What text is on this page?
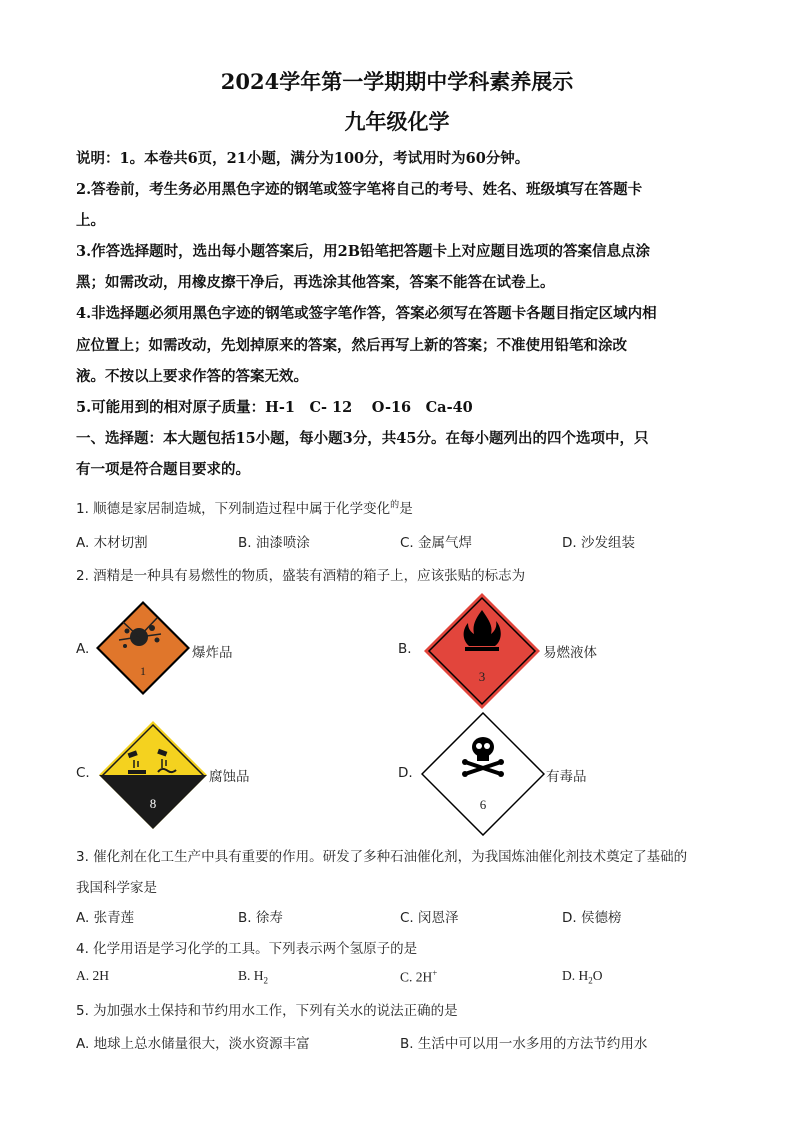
2024学年第一学期期中学科素养展示
九年级化学
说明：1。本卷共6页，21小题，满分为100分，考试用时为60分钟。
2.答卷前，考生务必用黑色字迹的钢笔或签字笔将自己的考号、姓名、班级填写在答题卡
上。
3.作答选择题时，选出每小题答案后，用2B铅笔把答题卡上对应题目选项的答案信息点涂
黑；如需改动，用橡皮擦干净后，再选涂其他答案，答案不能答在试卷上。
4.非选择题必须用黑色字迹的钢笔或签字笔作答，答案必须写在答题卡各题目指定区域内相
应位置上；如需改动，先划掉原来的答案，然后再写上新的答案；不准使用铅笔和涂改
液。不按以上要求作答的答案无效。
5.可能用到的相对原子质量：H-1　C- 12　 O-16　Ca-40
一、选择题：本大题包括15小题，每小题3分，共45分。在每小题列出的四个选项中，只
有一项是符合题目要求的。
1. 顺德是家居制造城，下列制造过程中属于化学变化$^的$是
A. 木材切割	B. 油漆喷涂	C. 金属气焊	D. 沙发组装
2. 酒精是一种具有易燃性的物质，盛装有酒精的箱子上，应该张贴的标志为
A.
1
爆炸品	B.
3
易燃液体
C.
8
腐蚀品	D.
6
有毒品
3. 催化剂在化工生产中具有重要的作用。研发了多种石油催化剂，为我国炼油催化剂技术奠定了基础的
我国科学家是
A. 张青莲	B. 徐寿	C. 闵恩泽	D. 侯德榜
4. 化学用语是学习化学的工具。下列表示两个氢原子的是
A. 2H	B. $H_2$	C. 2H+	D. $H_2O$
5. 为加强水土保持和节约用水工作，下列有关水的说法正确的是
A. 地球上总水储量很大，淡水资源丰富	B. 生活中可以用一水多用的方法节约用水
